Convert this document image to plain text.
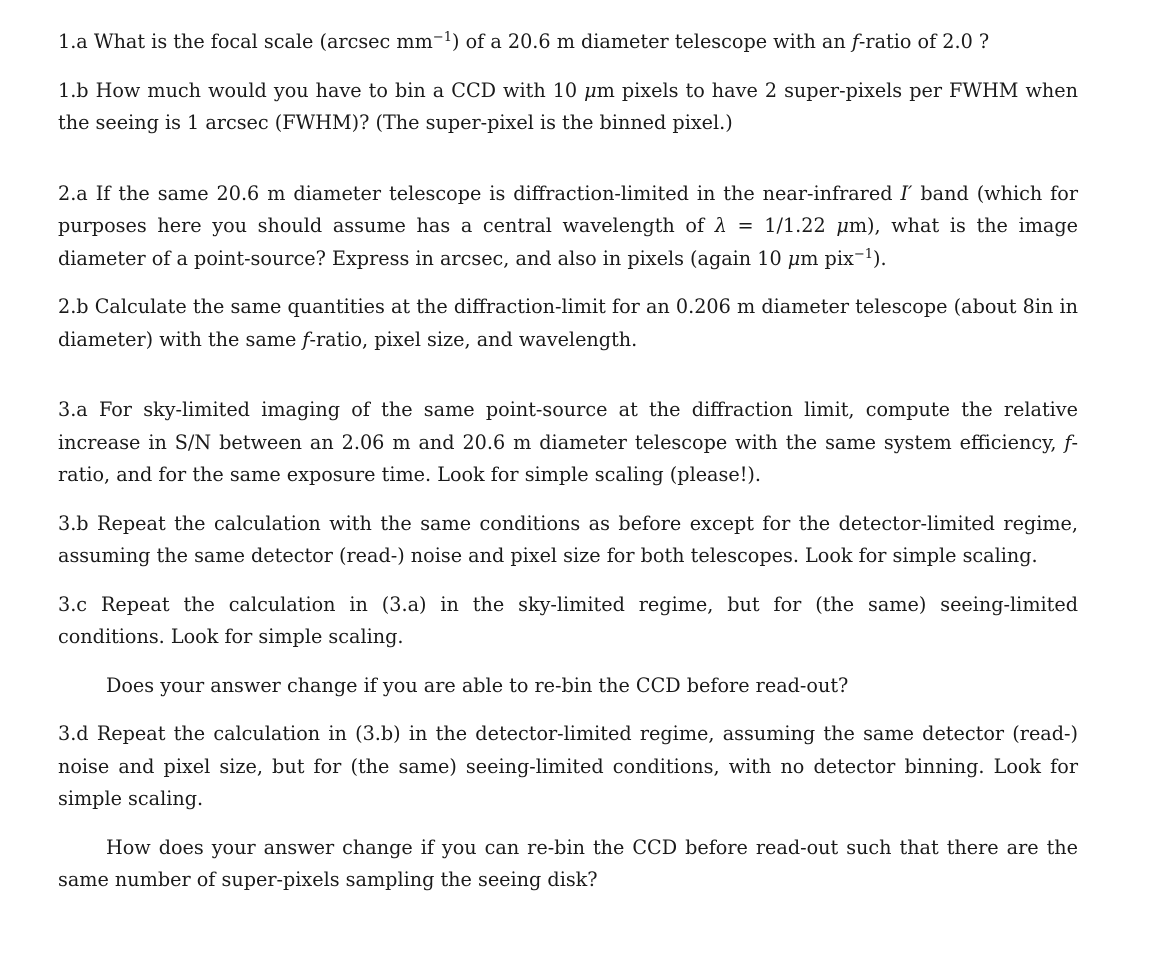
1.a What is the focal scale (arcsec $mm^{-1}$) of a 20.6 m diameter telescope with an f-ratio of 2.0 ?

1.b How much would you have to bin a CCD with 10 μm pixels to have 2 super-pixels per FWHM when the seeing is 1 arcsec (FWHM)? (The super-pixel is the binned pixel.)

2.a If the same 20.6 m diameter telescope is diffraction-limited in the near-infrared I′ band (which for purposes here you should assume has a central wavelength of λ = 1/1.22 μm), what is the image diameter of a point-source? Express in arcsec, and also in pixels (again 10 μm pix$^{-1}$).

2.b Calculate the same quantities at the diffraction-limit for an 0.206 m diameter telescope (about 8in in diameter) with the same f-ratio, pixel size, and wavelength.

3.a For sky-limited imaging of the same point-source at the diffraction limit, compute the relative increase in S/N between an 2.06 m and 20.6 m diameter telescope with the same system efficiency, f-ratio, and for the same exposure time. Look for simple scaling (please!).

3.b Repeat the calculation with the same conditions as before except for the detector-limited regime, assuming the same detector (read-) noise and pixel size for both telescopes. Look for simple scaling.

3.c Repeat the calculation in (3.a) in the sky-limited regime, but for (the same) seeing-limited conditions. Look for simple scaling.

Does your answer change if you are able to re-bin the CCD before read-out?

3.d Repeat the calculation in (3.b) in the detector-limited regime, assuming the same detector (read-) noise and pixel size, but for (the same) seeing-limited conditions, with no detector binning. Look for simple scaling.

How does your answer change if you can re-bin the CCD before read-out such that there are the same number of super-pixels sampling the seeing disk?
